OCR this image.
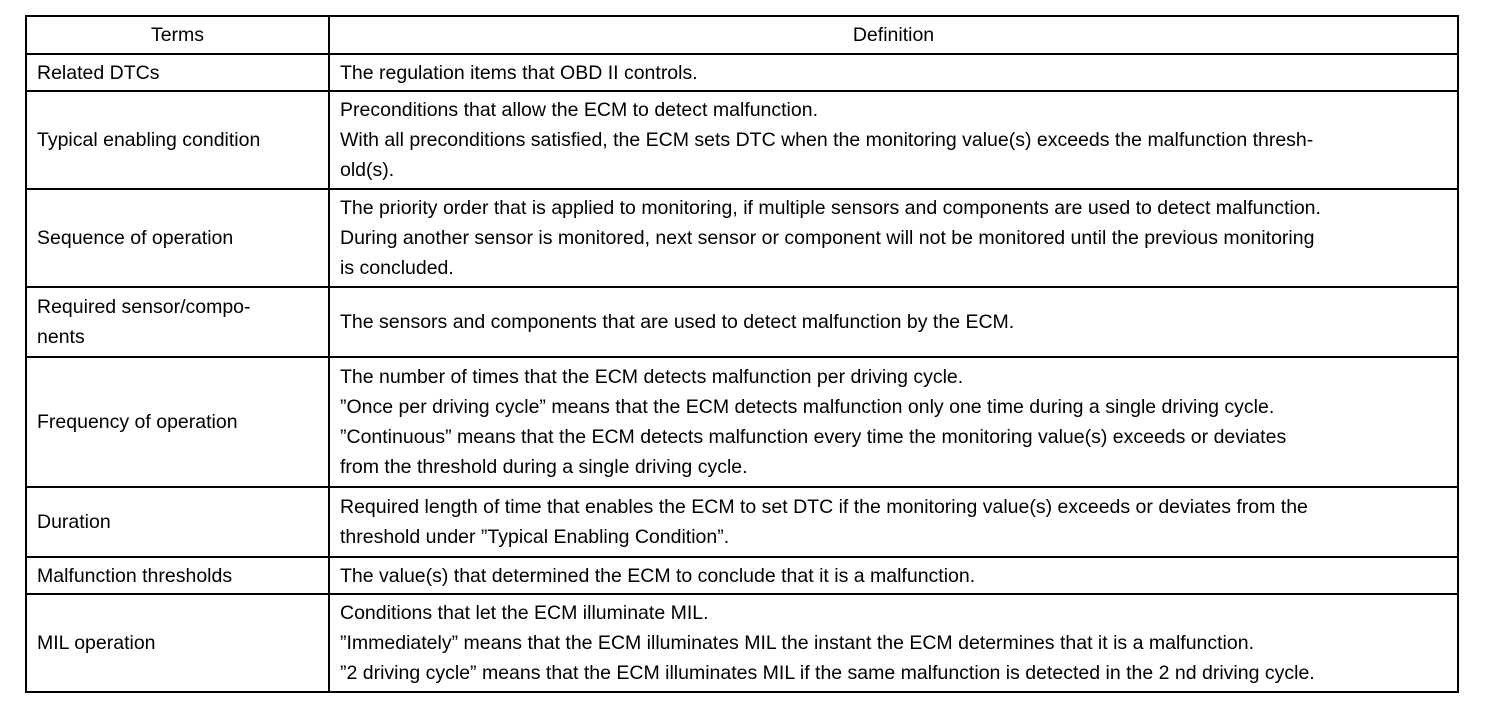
Terms	Definition
Related DTCs	The regulation items that OBD II controls.

Typical enabling condition	Preconditions that allow the ECM to detect malfunction.
With all preconditions satisfied, the ECM sets DTC when the monitoring value(s) exceeds the malfunction thresh-
old(s).

Sequence of operation	The priority order that is applied to monitoring, if multiple sensors and components are used to detect malfunction.
During another sensor is monitored, next sensor or component will not be monitored until the previous monitoring
is concluded.

Required sensor/compo-
nents	The sensors and components that are used to detect malfunction by the ECM.

Frequency of operation	The number of times that the ECM detects malfunction per driving cycle.
”Once per driving cycle” means that the ECM detects malfunction only one time during a single driving cycle.
”Continuous” means that the ECM detects malfunction every time the monitoring value(s) exceeds or deviates
from the threshold during a single driving cycle.

Duration	Required length of time that enables the ECM to set DTC if the monitoring value(s) exceeds or deviates from the
threshold under ”Typical Enabling Condition”.

Malfunction thresholds	The value(s) that determined the ECM to conclude that it is a malfunction.

MIL operation	Conditions that let the ECM illuminate MIL.
”Immediately” means that the ECM illuminates MIL the instant the ECM determines that it is a malfunction.
”2 driving cycle” means that the ECM illuminates MIL if the same malfunction is detected in the 2 nd driving cycle.
